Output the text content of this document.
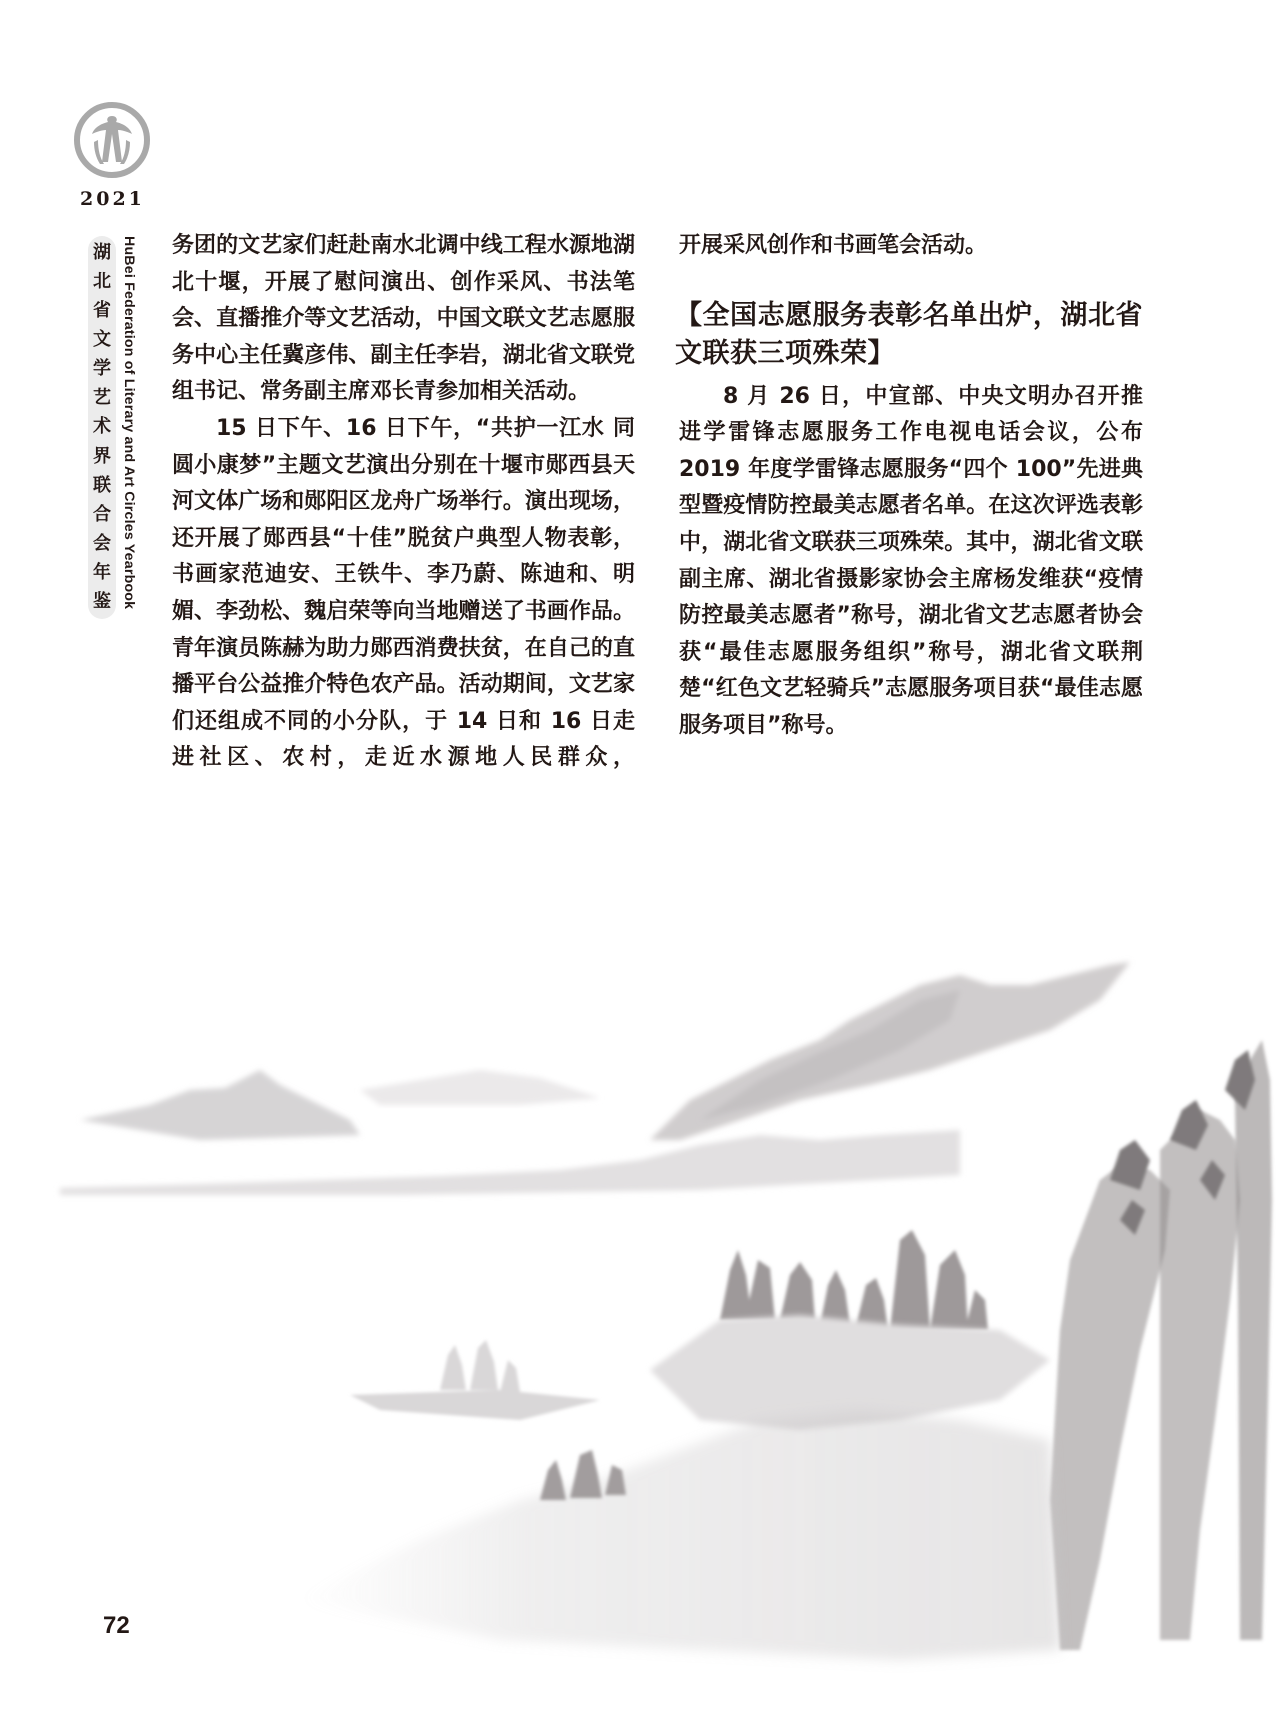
2021
湖
北
省
文
学
艺
术
界
联
合
会
年
鉴 HuBei Federation of Literary and Art Circles Yearbook 务团的文艺家们赶赴南水北调中线工程水源地湖北十堰，开展了慰问演出、创作采风、书法笔会、直播推介等文艺活动，中国文联文艺志愿服务中心主任冀彦伟、副主任李岩，湖北省文联党组书记、常务副主席邓长青参加相关活动。

15 日下午、16 日下午，“共护一江水 同圆小康梦”主题文艺演出分别在十堰市郧西县天河文体广场和郧阳区龙舟广场举行。演出现场，还开展了郧西县“十佳”脱贫户典型人物表彰，书画家范迪安、王铁牛、李乃蔚、陈迪和、明媚、李劲松、魏启荣等向当地赠送了书画作品。青年演员陈赫为助力郧西消费扶贫，在自己的直播平台公益推介特色农产品。活动期间，文艺家们还组成不同的小分队，于 14 日和 16 日走进社区、农村，走近水源地人民群众，

开展采风创作和书画笔会活动。

【全国志愿服务表彰名单出炉，湖北省文联获三项殊荣】

8 月 26 日，中宣部、中央文明办召开推进学雷锋志愿服务工作电视电话会议，公布 2019 年度学雷锋志愿服务“四个 100”先进典型暨疫情防控最美志愿者名单。在这次评选表彰中，湖北省文联获三项殊荣。其中，湖北省文联副主席、湖北省摄影家协会主席杨发维获“疫情防控最美志愿者”称号，湖北省文艺志愿者协会获“最佳志愿服务组织”称号，湖北省文联荆楚“红色文艺轻骑兵”志愿服务项目获“最佳志愿服务项目”称号。

72
